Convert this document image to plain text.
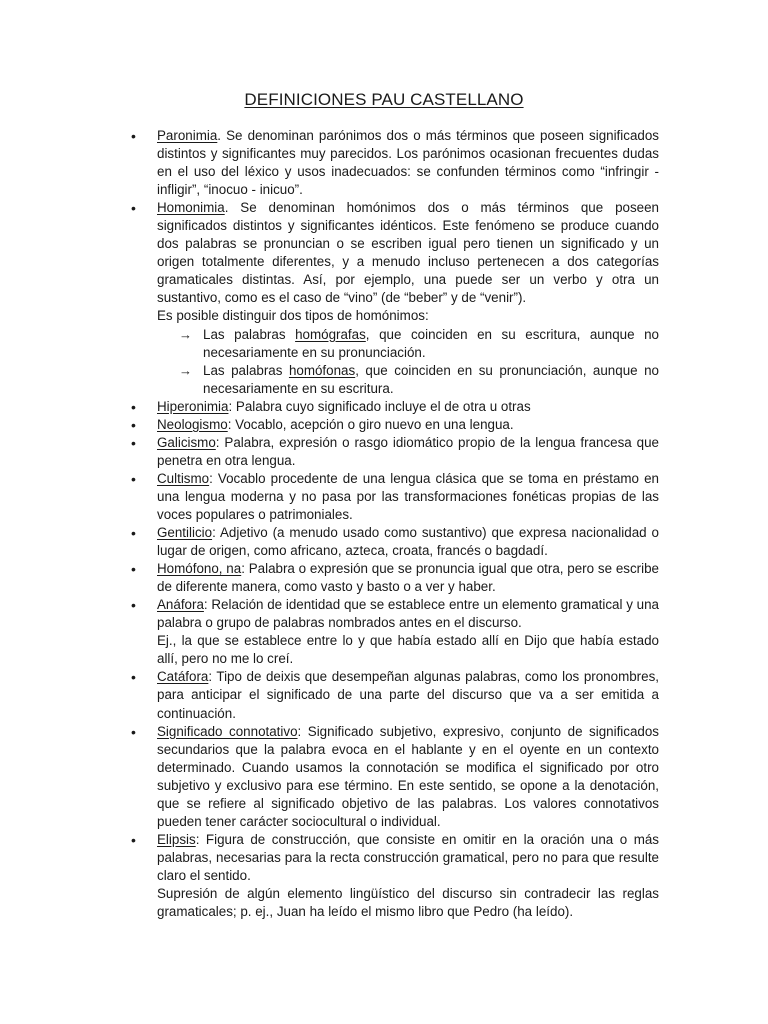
DEFINICIONES PAU CASTELLANO
• Paronimia. Se denominan parónimos dos o más términos que poseen significados distintos y significantes muy parecidos. Los parónimos ocasionan frecuentes dudas en el uso del léxico y usos inadecuados: se confunden términos como “infringir - infligir”, “inocuo - inicuo”.
• Homonimia. Se denominan homónimos dos o más términos que poseen significados distintos y significantes idénticos. Este fenómeno se produce cuando dos palabras se pronuncian o se escriben igual pero tienen un significado y un origen totalmente diferentes, y a menudo incluso pertenecen a dos categorías gramaticales distintas. Así, por ejemplo, una puede ser un verbo y otra un sustantivo, como es el caso de “vino” (de “beber” y de “venir”).
Es posible distinguir dos tipos de homónimos:
→ Las palabras homógrafas, que coinciden en su escritura, aunque no necesariamente en su pronunciación.
→ Las palabras homófonas, que coinciden en su pronunciación, aunque no necesariamente en su escritura.
• Hiperonimia: Palabra cuyo significado incluye el de otra u otras
• Neologismo: Vocablo, acepción o giro nuevo en una lengua.
• Galicismo: Palabra, expresión o rasgo idiomático propio de la lengua francesa que penetra en otra lengua.
• Cultismo: Vocablo procedente de una lengua clásica que se toma en préstamo en una lengua moderna y no pasa por las transformaciones fonéticas propias de las voces populares o patrimoniales.
• Gentilicio: Adjetivo (a menudo usado como sustantivo) que expresa nacionalidad o lugar de origen, como africano, azteca, croata, francés o bagdadí.
• Homófono, na: Palabra o expresión que se pronuncia igual que otra, pero se escribe de diferente manera, como vasto y basto o a ver y haber.
• Anáfora: Relación de identidad que se establece entre un elemento gramatical y una palabra o grupo de palabras nombrados antes en el discurso.
Ej., la que se establece entre lo y que había estado allí en Dijo que había estado allí, pero no me lo creí.
• Catáfora: Tipo de deixis que desempeñan algunas palabras, como los pronombres, para anticipar el significado de una parte del discurso que va a ser emitida a continuación.
• Significado connotativo: Significado subjetivo, expresivo, conjunto de significados secundarios que la palabra evoca en el hablante y en el oyente en un contexto determinado. Cuando usamos la connotación se modifica el significado por otro subjetivo y exclusivo para ese término. En este sentido, se opone a la denotación, que se refiere al significado objetivo de las palabras. Los valores connotativos pueden tener carácter sociocultural o individual.
• Elipsis: Figura de construcción, que consiste en omitir en la oración una o más palabras, necesarias para la recta construcción gramatical, pero no para que resulte claro el sentido.
Supresión de algún elemento lingüístico del discurso sin contradecir las reglas gramaticales; p. ej., Juan ha leído el mismo libro que Pedro (ha leído).
